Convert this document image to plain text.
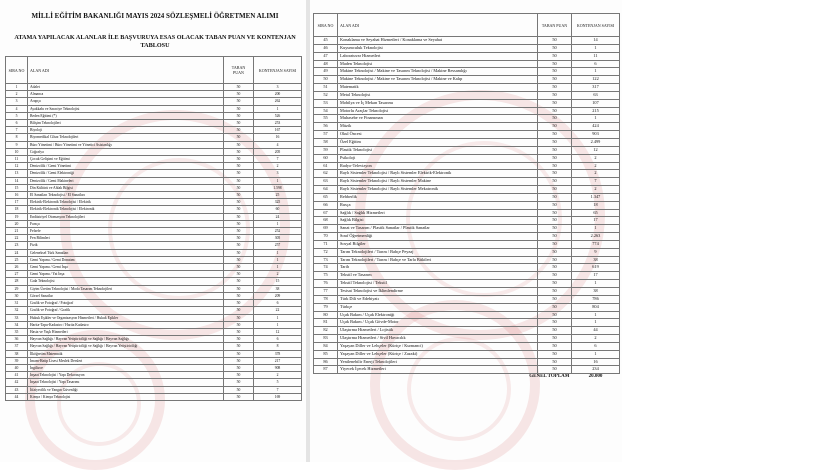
MİLLİ EĞİTİM BAKANLIĞI MAYIS 2024 SÖZLEŞMELİ ÖĞRETMEN ALIMI
ATAMA YAPILACAK ALANLAR İLE BAŞVURUYA ESAS OLACAK TABAN PUAN VE KONTENJAN TABLOSU
SIRA NO	ALAN ADI	TABAN PUAN	KONTENJAN SAYISI
1	Adalet	50	3
2	Almanca	50	200
3	Arapça	50	262
4	Ayakkabı ve Saraciye Teknolojisi	50	1
5	Beden Eğitimi (*)	50	526
6	Bilişim Teknolojileri	50	253
7	Biyoloji	50	167
8	Biyomedikal Cihaz Teknolojileri	50	16
9	Büro Yönetimi / Büro Yönetimi ve Yönetici Asistanlığı	50	4
10	Coğrafya	50	205
11	Çocuk Gelişimi ve Eğitimi	50	7
12	Denizcilik / Gemi Yönetimi	50	2
13	Denizcilik / Gemi Elektroniği	50	3
14	Denizcilik / Gemi Makineleri	50	1
15	Din Kültürü ve Ahlak Bilgisi	50	1.598
16	El Sanatları Teknolojisi / El Sanatları	50	25
17	Elektrik-Elektronik Teknolojisi / Elektrik	50	325
18	Elektrik-Elektronik Teknolojisi / Elektronik	50	60
19	Endüstriyel Otomasyon Teknolojileri	50	24
20	Farsça	50	1
21	Felsefe	50	252
22	Fen Bilimleri	50	305
23	Fizik	50	257
24	Geleneksel Türk Sanatları	50	1
25	Gemi Yapımı / Gemi Donatım	50	1
26	Gemi Yapımı / Gemi İnşa	50	1
27	Gemi Yapımı / Yat İnşa	50	2
28	Gıda Teknolojisi	50	15
29	Giyim Üretim Teknolojisi / Moda Tasarım Teknolojileri	50	38
30	Görsel Sanatlar	50	209
31	Grafik ve Fotoğraf / Fotoğraf	50	6
32	Grafik ve Fotoğraf / Grafik	50	22
33	Hukuk Eşikler ve Organizasyon Hizmetleri / Hukuk Eşikler	50	1
34	Harita-Tapu-Kadastro / Harita Kadastro	50	1
35	Hasta ve Yaşlı Hizmetleri	50	12
36	Hayvan Sağlığı / Hayvan Yetiştiriciliği ve Sağlığı / Hayvan Sağlığı	50	6
37	Hayvan Sağlığı / Hayvan Yetiştiriciliği ve Sağlığı / Hayvan Yetiştiriciliği	50	8
38	İlköğretim Matematik	50	378
39	İmam-Hatip Lisesi Meslek Dersleri	50	217
40	İngilizce	50	908
41	İnşaat Teknolojisi / Yapı Dekorasyon	50	2
42	İnşaat Teknolojisi / Yapı Tasarımı	50	5
43	İtfaiyecilik ve Yangın Güvenliği	50	7
44	Kimya / Kimya Teknolojisi	50	169
SIRA NO	ALAN ADI	TABAN PUAN	KONTENJAN SAYISI
45	Konaklama ve Seyahat Hizmetleri / Konaklama ve Seyahat	50	14
46	Kuyumculuk Teknolojisi	50	1
47	Laboratuvar Hizmetleri	50	11
48	Maden Teknolojisi	50	6
49	Makine Teknolojisi / Makine ve Tasarım Teknolojisi / Makine Ressamlığı	50	1
50	Makine Teknolojisi / Makine ve Tasarım Teknolojisi / Makine ve Kalıp	50	122
51	Matematik	50	317
52	Metal Teknolojisi	50	63
53	Mobilya ve İç Mekan Tasarımı	50	107
54	Motorlu Araçlar Teknolojisi	50	215
55	Muhasebe ve Finansman	50	1
56	Müzik	50	424
57	Okul Öncesi	50	903
58	Özel Eğitim	50	2.499
59	Plastik Teknolojisi	50	12
60	Psikoloji	50	2
61	Radyo-Televizyon	50	2
62	Raylı Sistemler Teknolojisi / Raylı Sistemler Elektrik-Elektronik	50	2
63	Raylı Sistemler Teknolojisi / Raylı Sistemler Makine	50	7
64	Raylı Sistemler Teknolojisi / Raylı Sistemler Mekatronik	50	2
65	Rehberlik	50	1.347
66	Rusça	50	18
67	Sağlık / Sağlık Hizmetleri	50	65
68	Sağlık Bilgisi	50	17
69	Sanat ve Tasarım / Plastik Sanatlar / Plastik Sanatlar	50	1
70	Sınıf Öğretmenliği	50	2.263
71	Sosyal Bilgiler	50	774
72	Tarım Teknolojileri / Tarım / Bahçe Peyzaj	50	9
73	Tarım Teknolojileri / Tarım / Bahçe ve Tarla Bitkileri	50	38
74	Tarih	50	619
75	Tekstil ve Tasarım	50	17
76	Tekstil Teknolojisi / Tekstil	50	1
77	Tesisat Teknolojisi ve İklimlendirme	50	38
78	Türk Dili ve Edebiyatı	50	786
79	Türkçe	50	804
80	Uçak Bakım / Uçak Elektroniği	50	1
81	Uçak Bakım / Uçak Gövde-Motor	50	1
82	Ulaştırma Hizmetleri / Lojistik	50	44
83	Ulaştırma Hizmetleri / Sivil Havacılık	50	2
84	Yaşayan Diller ve Lehçeler (Kürtçe / Kurmanci)	50	6
85	Yaşayan Diller ve Lehçeler (Kürtçe / Zazaki)	50	1
86	Yenilenebilir Enerji Teknolojileri	50	16
87	Yiyecek İçecek Hizmetleri	50	234
	GENEL TOPLAM		20.000
